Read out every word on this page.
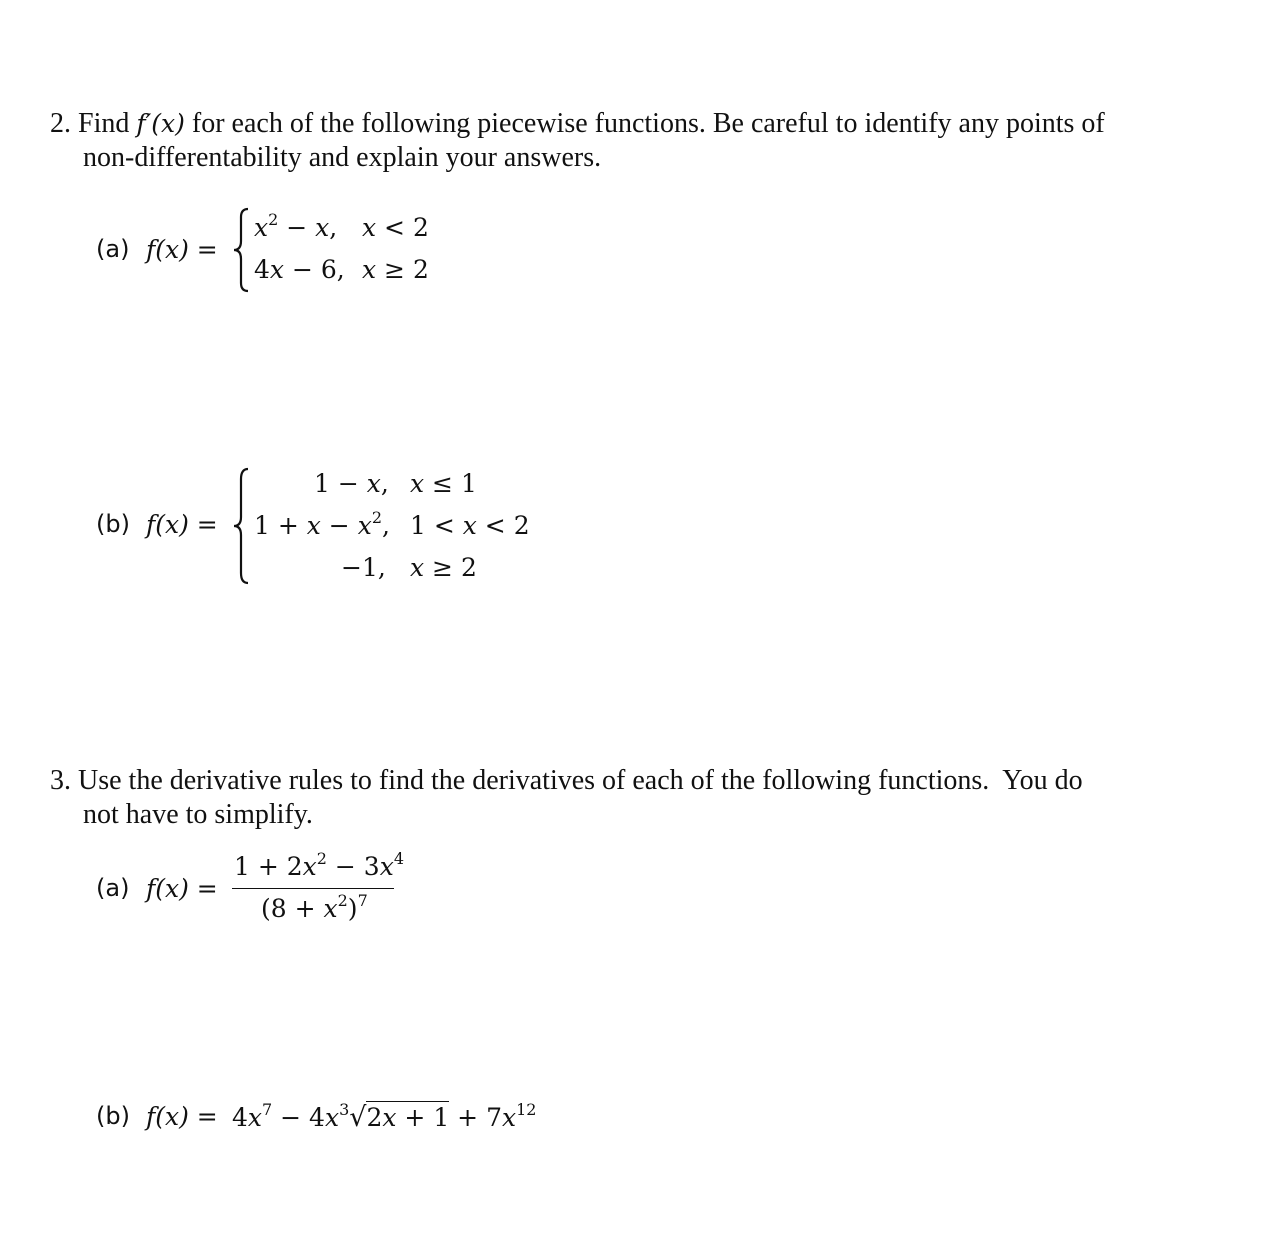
2. Find f′(x) for each of the following piecewise functions. Be careful to identify any points of
non-differentability and explain your answers.
(a) f(x) =
$x^2 - x$, x < 2
4x − 6, x ≥ 2
(b) f(x) =
1 − x, x ≤ 1
$1 + x - x^2$, 1 < x < 2
−1, x ≥ 2
3. Use the derivative rules to find the derivatives of each of the following functions.  You do
not have to simplify.
(a) f(x) =
$1 + 2x^2 - 3x^4$
$(8 + x^2)^7$
(b) $f(x) = 4x^7 - 4x^3√2x + 1 + 7x^{12}$
